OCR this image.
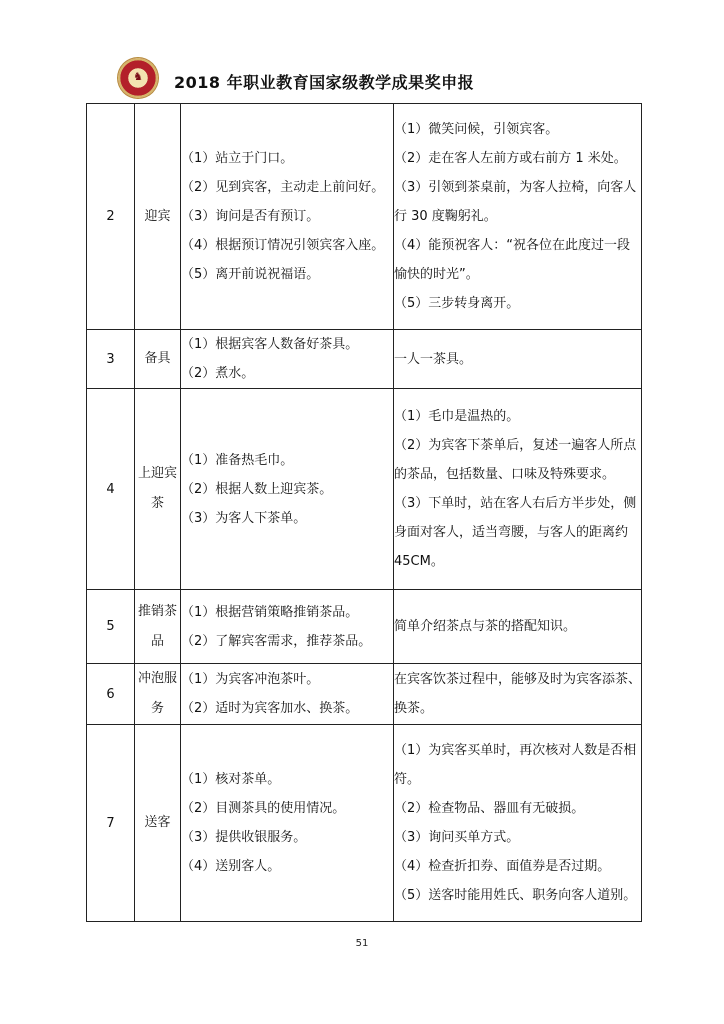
♞ 2018 年职业教育国家级教学成果奖申报
2	迎宾	（1）站立于门口。
（2）见到宾客，主动走上前问好。
（3）询问是否有预订。
（4）根据预订情况引领宾客入座。
（5）离开前说祝福语。	（1）微笑问候，引领宾客。
（2）走在客人左前方或右前方 1 米处。
（3）引领到茶桌前，为客人拉椅，向客人行 30 度鞠躬礼。
（4）能预祝客人：“祝各位在此度过一段愉快的时光”。
（5）三步转身离开。

3	备具	（1）根据宾客人数备好茶具。
（2）煮水。	一人一茶具。

4	上迎宾茶	（1）准备热毛巾。
（2）根据人数上迎宾茶。
（3）为客人下茶单。	（1）毛巾是温热的。
（2）为宾客下茶单后，复述一遍客人所点的茶品，包括数量、口味及特殊要求。
（3）下单时，站在客人右后方半步处，侧身面对客人，适当弯腰，与客人的距离约 45CM。

5	推销茶品	（1）根据营销策略推销茶品。
（2）了解宾客需求，推荐茶品。	简单介绍茶点与茶的搭配知识。

6	冲泡服务	（1）为宾客冲泡茶叶。
（2）适时为宾客加水、换茶。	在宾客饮茶过程中，能够及时为宾客添茶、换茶。

7	送客	（1）核对茶单。
（2）目测茶具的使用情况。
（3）提供收银服务。
（4）送别客人。	（1）为宾客买单时，再次核对人数是否相符。
（2）检查物品、器皿有无破损。
（3）询问买单方式。
（4）检查折扣券、面值券是否过期。
（5）送客时能用姓氏、职务向客人道别。
51
